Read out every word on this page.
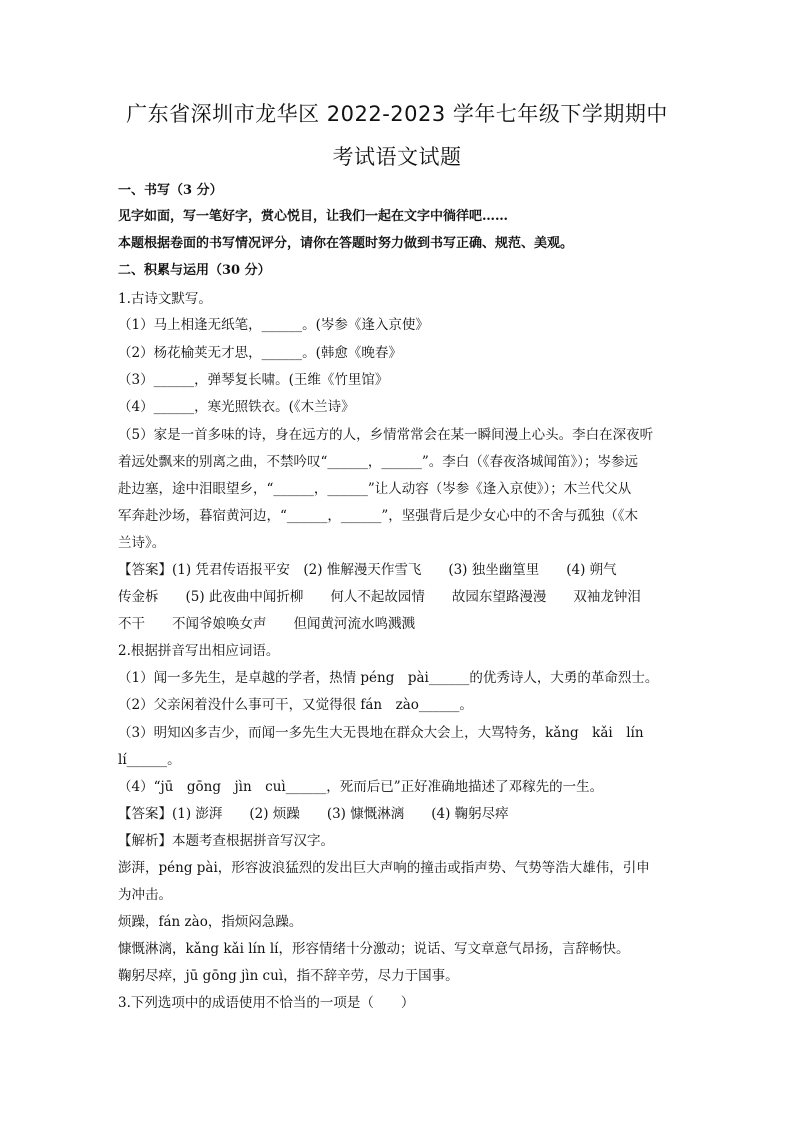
广东省深圳市龙华区 2022-2023 学年七年级下学期期中
考试语文试题
一、书写（3 分）
见字如面，写一笔好字，赏心悦目，让我们一起在文字中徜徉吧……
本题根据卷面的书写情况评分，请你在答题时努力做到书写正确、规范、美观。
二、积累与运用（30 分）
1.古诗文默写。
（1）马上相逢无纸笔，______。(岑参《逢入京使》
（2）杨花榆荚无才思，______。(韩愈《晚春》
（3）______，弹琴复长啸。(王维《竹里馆》
（4）______，寒光照铁衣。(《木兰诗》
（5）家是一首多味的诗，身在远方的人，乡情常常会在某一瞬间漫上心头。李白在深夜听
着远处飘来的别离之曲，不禁吟叹“______，______”。李白（《春夜洛城闻笛》）；岑参远
赴边塞，途中泪眼望乡，“______，______”让人动容（岑参《逢入京使》）；木兰代父从
军奔赴沙场，暮宿黄河边，“______，______”，坚强背后是少女心中的不舍与孤独（《木
兰诗》。
【答案】(1) 凭君传语报平安　(2) 惟解漫天作雪飞　　(3) 独坐幽篁里　　(4) 朔气
传金柝　　(5) 此夜曲中闻折柳　　何人不起故园情　　故园东望路漫漫　　双袖龙钟泪
不干　　不闻爷娘唤女声　　但闻黄河流水鸣溅溅
2.根据拼音写出相应词语。
（1）闻一多先生，是卓越的学者，热情 péng　pài______的优秀诗人，大勇的革命烈士。
（2）父亲闲着没什么事可干，又觉得很 fán　zào______。
（3）明知凶多吉少，而闻一多先生大无畏地在群众大会上，大骂特务，kǎng　kǎi　lín
lí______。
（4）“jū　gōng　jìn　cuì______，死而后已”正好准确地描述了邓稼先的一生。
【答案】(1) 澎湃　　(2) 烦躁　　(3) 慷慨淋漓　　(4) 鞠躬尽瘁
【解析】本题考查根据拼音写汉字。
澎湃，péng pài，形容波浪猛烈的发出巨大声响的撞击或指声势、气势等浩大雄伟，引申
为冲击。
烦躁，fán zào，指烦闷急躁。
慷慨淋漓，kǎng kǎi lín lí，形容情绪十分激动；说话、写文章意气昂扬，言辞畅快。
鞠躬尽瘁，jū gōng jìn cuì，指不辞辛劳，尽力于国事。
3.下列选项中的成语使用不恰当的一项是（　　）
